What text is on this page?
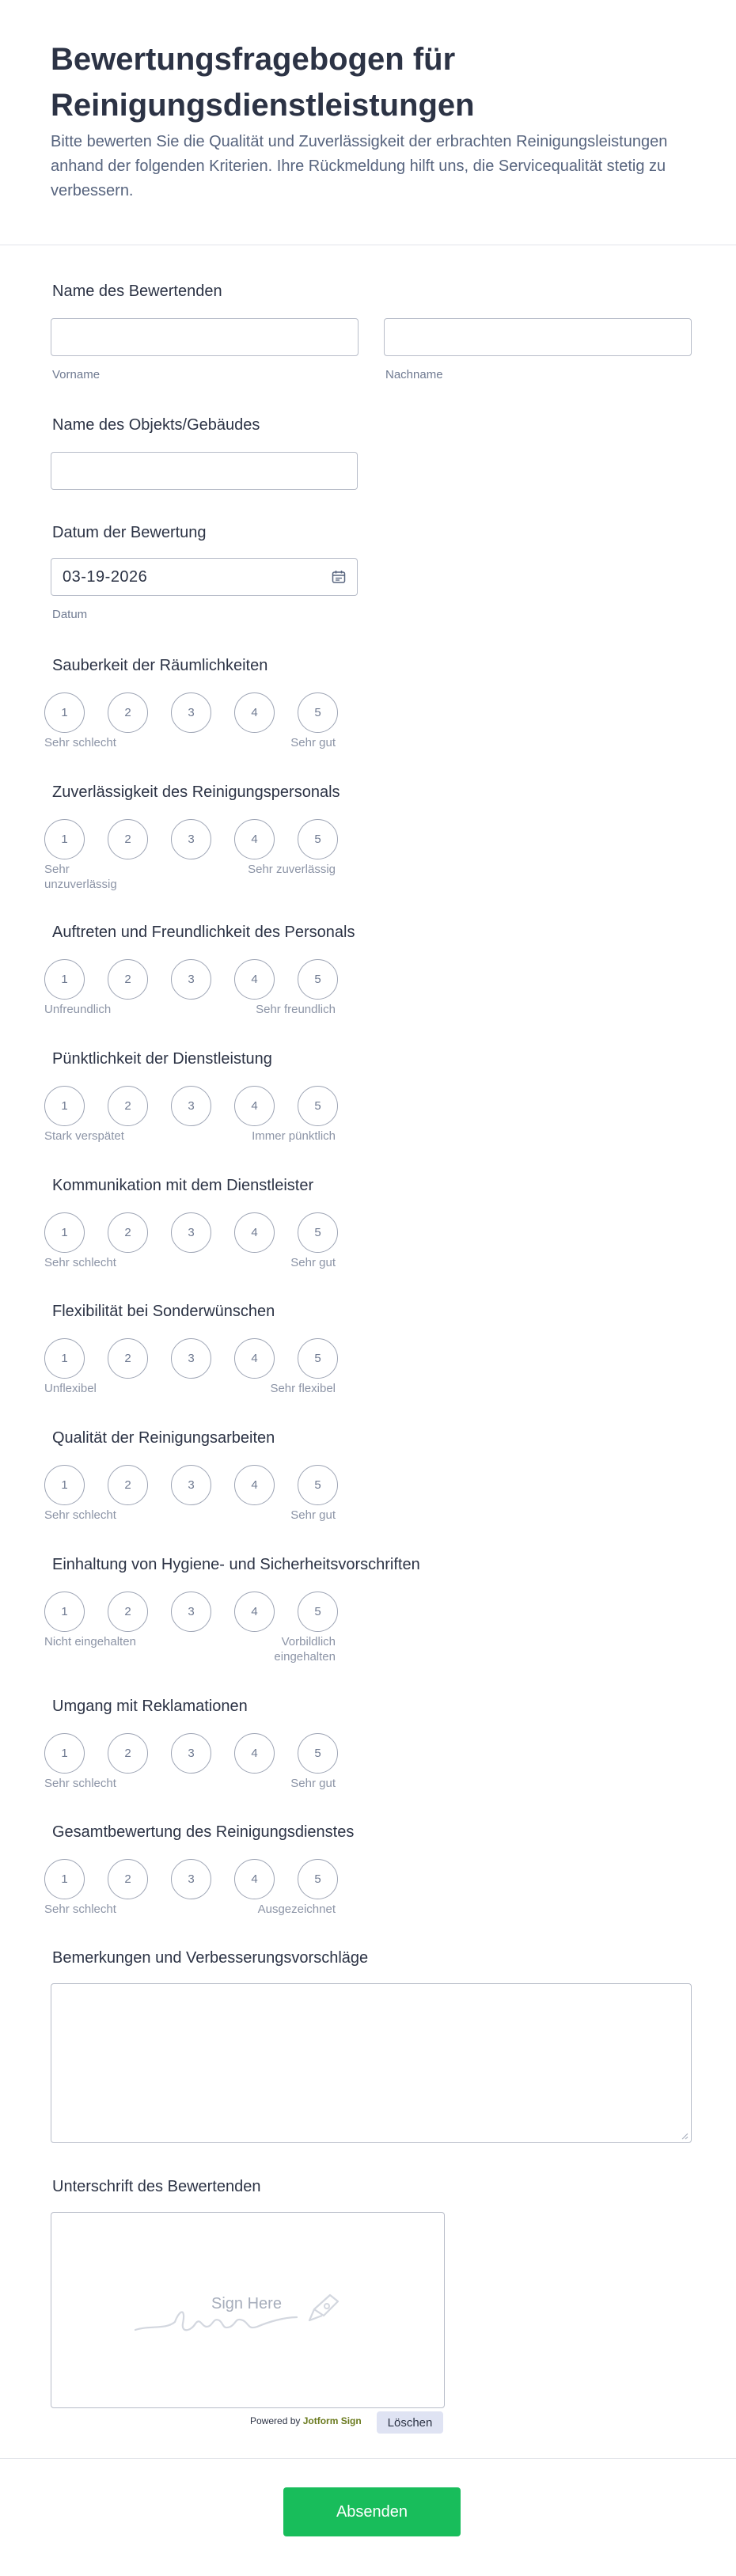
Bewertungsfragebogen für Reinigungsdienstleistungen

Bitte bewerten Sie die Qualität und Zuverlässigkeit der erbrachten Reinigungsleistungen anhand der folgenden Kriterien. Ihre Rückmeldung hilft uns, die Servicequalität stetig zu verbessern.

Name des Bewertenden
Vorname	Nachname
Name des Objekts/Gebäudes
Datum der Bewertung
03-19-2026
Datum
Sauberkeit der Räumlichkeiten
1	2	3	4	5
Sehr schlecht	Sehr gut
Zuverlässigkeit des Reinigungspersonals
1	2	3	4	5
Sehr unzuverlässig
Sehr zuverlässig
Auftreten und Freundlichkeit des Personals
1	2	3	4	5
Unfreundlich	Sehr freundlich
Pünktlichkeit der Dienstleistung
1	2	3	4	5
Stark verspätet	Immer pünktlich
Kommunikation mit dem Dienstleister
1	2	3	4	5
Sehr schlecht	Sehr gut
Flexibilität bei Sonderwünschen
1	2	3	4	5
Unflexibel	Sehr flexibel
Qualität der Reinigungsarbeiten
1	2	3	4	5
Sehr schlecht	Sehr gut
Einhaltung von Hygiene- und Sicherheitsvorschriften
1	2	3	4	5
Nicht eingehalten	Vorbildlich eingehalten
Umgang mit Reklamationen
1	2	3	4	5
Sehr schlecht	Sehr gut
Gesamtbewertung des Reinigungsdienstes
1	2	3	4	5
Sehr schlecht	Ausgezeichnet
Bemerkungen und Verbesserungsvorschläge
Unterschrift des Bewertenden
Sign Here
Powered by Jotform Sign	Löschen
Absenden
